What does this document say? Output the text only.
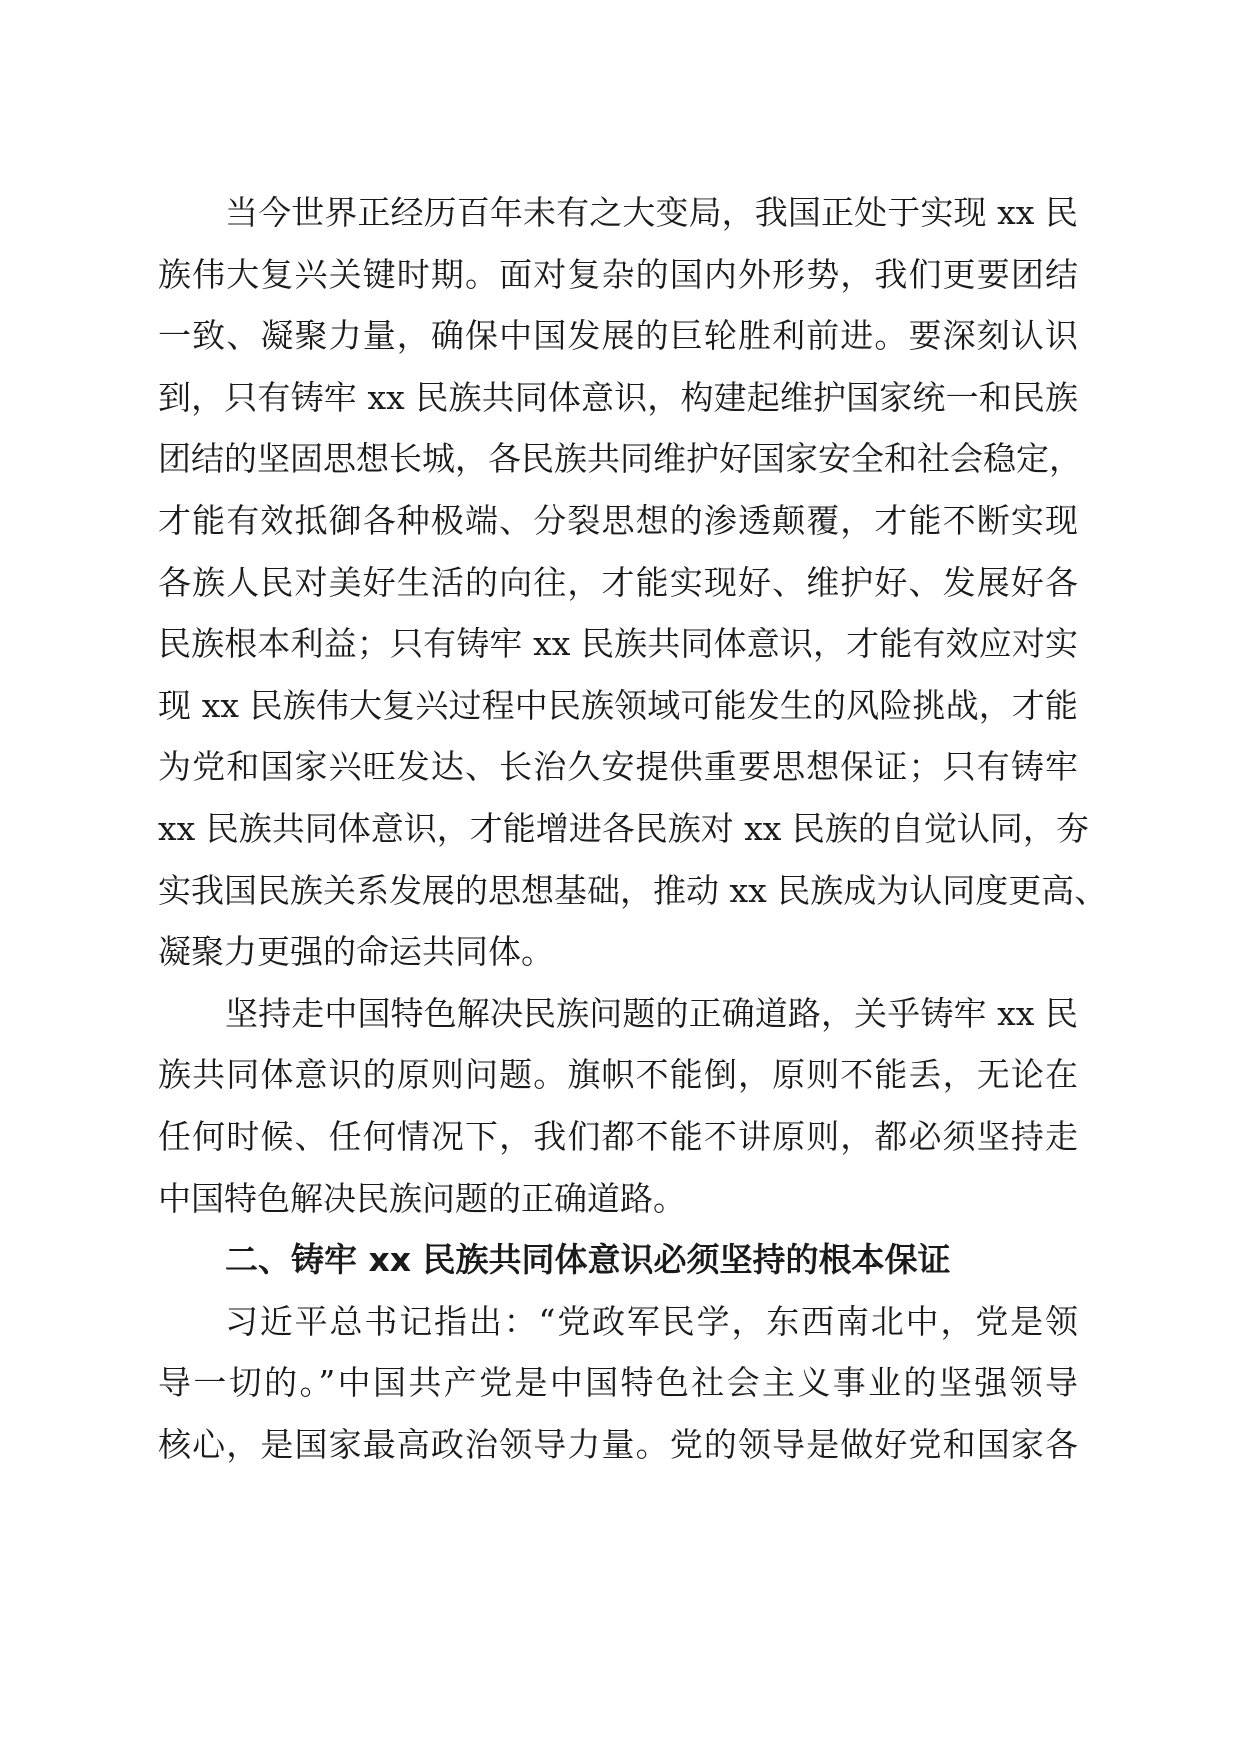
当今世界正经历百年未有之大变局，我国正处于实现 xx 民
族伟大复兴关键时期。面对复杂的国内外形势，我们更要团结
一致、凝聚力量，确保中国发展的巨轮胜利前进。要深刻认识
到，只有铸牢 xx 民族共同体意识，构建起维护国家统一和民族
团结的坚固思想长城，各民族共同维护好国家安全和社会稳定，
才能有效抵御各种极端、分裂思想的渗透颠覆，才能不断实现
各族人民对美好生活的向往，才能实现好、维护好、发展好各
民族根本利益；只有铸牢 xx 民族共同体意识，才能有效应对实
现 xx 民族伟大复兴过程中民族领域可能发生的风险挑战，才能
为党和国家兴旺发达、长治久安提供重要思想保证；只有铸牢
xx 民族共同体意识，才能增进各民族对 xx 民族的自觉认同，夯
实我国民族关系发展的思想基础，推动 xx 民族成为认同度更高、
凝聚力更强的命运共同体。
坚持走中国特色解决民族问题的正确道路，关乎铸牢 xx 民
族共同体意识的原则问题。旗帜不能倒，原则不能丢，无论在
任何时候、任何情况下，我们都不能不讲原则，都必须坚持走
中国特色解决民族问题的正确道路。
二、铸牢 xx 民族共同体意识必须坚持的根本保证
习近平总书记指出：“党政军民学，东西南北中，党是领
导一切的。”中国共产党是中国特色社会主义事业的坚强领导
核心，是国家最高政治领导力量。党的领导是做好党和国家各
